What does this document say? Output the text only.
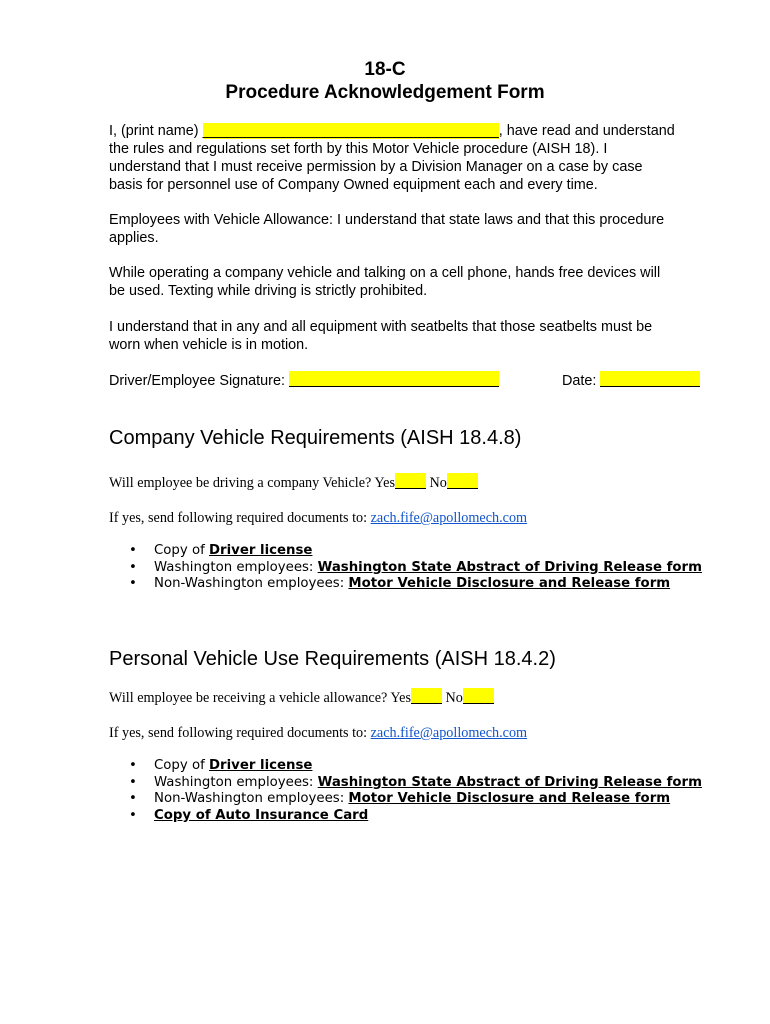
18-C
Procedure Acknowledgement Form
I, (print name) _____________________________________, have read and understand
the rules and regulations set forth by this Motor Vehicle procedure (AISH 18). I
understand that I must receive permission by a Division Manager on a case by case
basis for personnel use of Company Owned equipment each and every time.
Employees with Vehicle Allowance: I understand that state laws and that this procedure
applies.
While operating a company vehicle and talking on a cell phone, hands free devices will
be used. Texting while driving is strictly prohibited.
I understand that in any and all equipment with seatbelts that those seatbelts must be
worn when vehicle is in motion.
Driver/Employee Signature:	Date:
Company Vehicle Requirements (AISH 18.4.8)
Will employee be driving a company Vehicle? Yes No
If yes, send following required documents to: zach.fife@apollomech.com
• Copy of Driver license
• Washington employees: Washington State Abstract of Driving Release form
• Non-Washington employees: Motor Vehicle Disclosure and Release form
Personal Vehicle Use Requirements (AISH 18.4.2)
Will employee be receiving a vehicle allowance? Yes No
If yes, send following required documents to: zach.fife@apollomech.com
• Copy of Driver license
• Washington employees: Washington State Abstract of Driving Release form
• Non-Washington employees: Motor Vehicle Disclosure and Release form
• Copy of Auto Insurance Card
